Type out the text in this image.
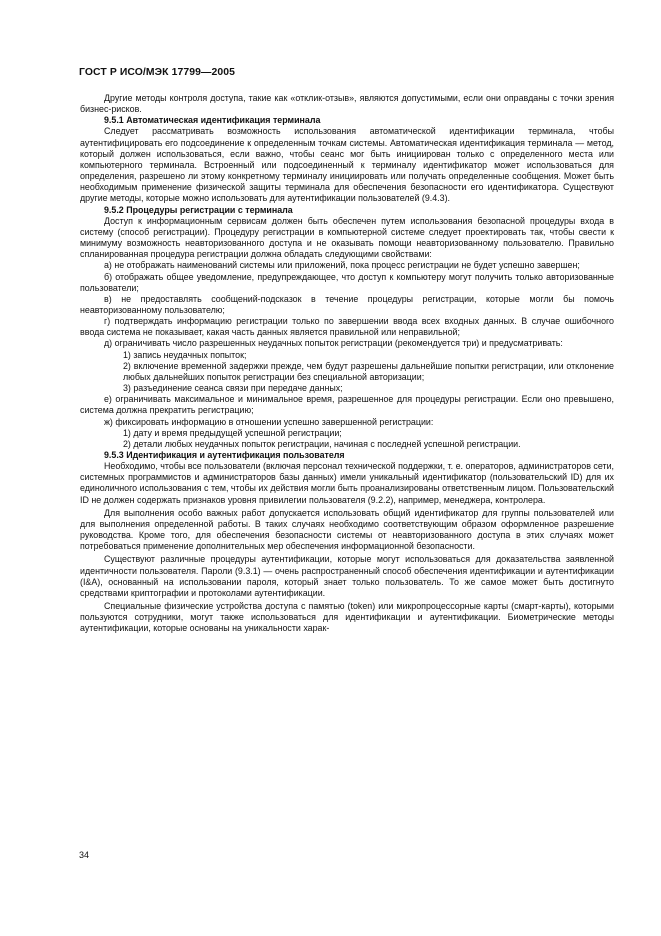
ГОСТ Р ИСО/МЭК 17799—2005

Другие методы контроля доступа, такие как «отклик-отзыв», являются допустимыми, если они оправданы с точки зрения бизнес-рисков.

9.5.1 Автоматическая идентификация терминала

Следует рассматривать возможность использования автоматической идентификации терминала, чтобы аутентифицировать его подсоединение к определенным точкам системы. Автоматическая идентификация терминала — метод, который должен использоваться, если важно, чтобы сеанс мог быть инициирован только с определенного места или компьютерного терминала. Встроенный или подсоединенный к терминалу идентификатор может использоваться для определения, разрешено ли этому конкретному терминалу инициировать или получать определенные сообщения. Может быть необходимым применение физической защиты терминала для обеспечения безопасности его идентификатора. Существуют другие методы, которые можно использовать для аутентификации пользователей (9.4.3).

9.5.2 Процедуры регистрации с терминала

Доступ к информационным сервисам должен быть обеспечен путем использования безопасной процедуры входа в систему (способ регистрации). Процедуру регистрации в компьютерной системе следует проектировать так, чтобы свести к минимуму возможность неавторизованного доступа и не оказывать помощи неавторизованному пользователю. Правильно спланированная процедура регистрации должна обладать следующими свойствами:

а) не отображать наименований системы или приложений, пока процесс регистрации не будет успешно завершен;

б) отображать общее уведомление, предупреждающее, что доступ к компьютеру могут получить только авторизованные пользователи;

в) не предоставлять сообщений-подсказок в течение процедуры регистрации, которые могли бы помочь неавторизованному пользователю;

г) подтверждать информацию регистрации только по завершении ввода всех входных данных. В случае ошибочного ввода система не показывает, какая часть данных является правильной или неправильной;

д) ограничивать число разрешенных неудачных попыток регистрации (рекомендуется три) и предусматривать:

1) запись неудачных попыток;

2) включение временной задержки прежде, чем будут разрешены дальнейшие попытки регистрации, или отклонение любых дальнейших попыток регистрации без специальной авторизации;

3) разъединение сеанса связи при передаче данных;

е) ограничивать максимальное и минимальное время, разрешенное для процедуры регистрации. Если оно превышено, система должна прекратить регистрацию;

ж) фиксировать информацию в отношении успешно завершенной регистрации:

1) дату и время предыдущей успешной регистрации;

2) детали любых неудачных попыток регистрации, начиная с последней успешной регистрации.

9.5.3 Идентификация и аутентификация пользователя

Необходимо, чтобы все пользователи (включая персонал технической поддержки, т. е. операторов, администраторов сети, системных программистов и администраторов базы данных) имели уникальный идентификатор (пользовательский ID) для их единоличного использования с тем, чтобы их действия могли быть проанализированы ответственным лицом. Пользовательский ID не должен содержать признаков уровня привилегии пользователя (9.2.2), например, менеджера, контролера.

Для выполнения особо важных работ допускается использовать общий идентификатор для группы пользователей или для выполнения определенной работы. В таких случаях необходимо соответствующим образом оформленное разрешение руководства. Кроме того, для обеспечения безопасности системы от неавторизованного доступа в этих случаях может потребоваться применение дополнительных мер обеспечения информационной безопасности.

Существуют различные процедуры аутентификации, которые могут использоваться для доказательства заявленной идентичности пользователя. Пароли (9.3.1) — очень распространенный способ обеспечения идентификации и аутентификации (I&A), основанный на использовании пароля, который знает только пользователь. То же самое может быть достигнуто средствами криптографии и протоколами аутентификации.

Специальные физические устройства доступа с памятью (token) или микропроцессорные карты (смарт-карты), которыми пользуются сотрудники, могут также использоваться для идентификации и аутентификации. Биометрические методы аутентификации, которые основаны на уникальности харак-

34
